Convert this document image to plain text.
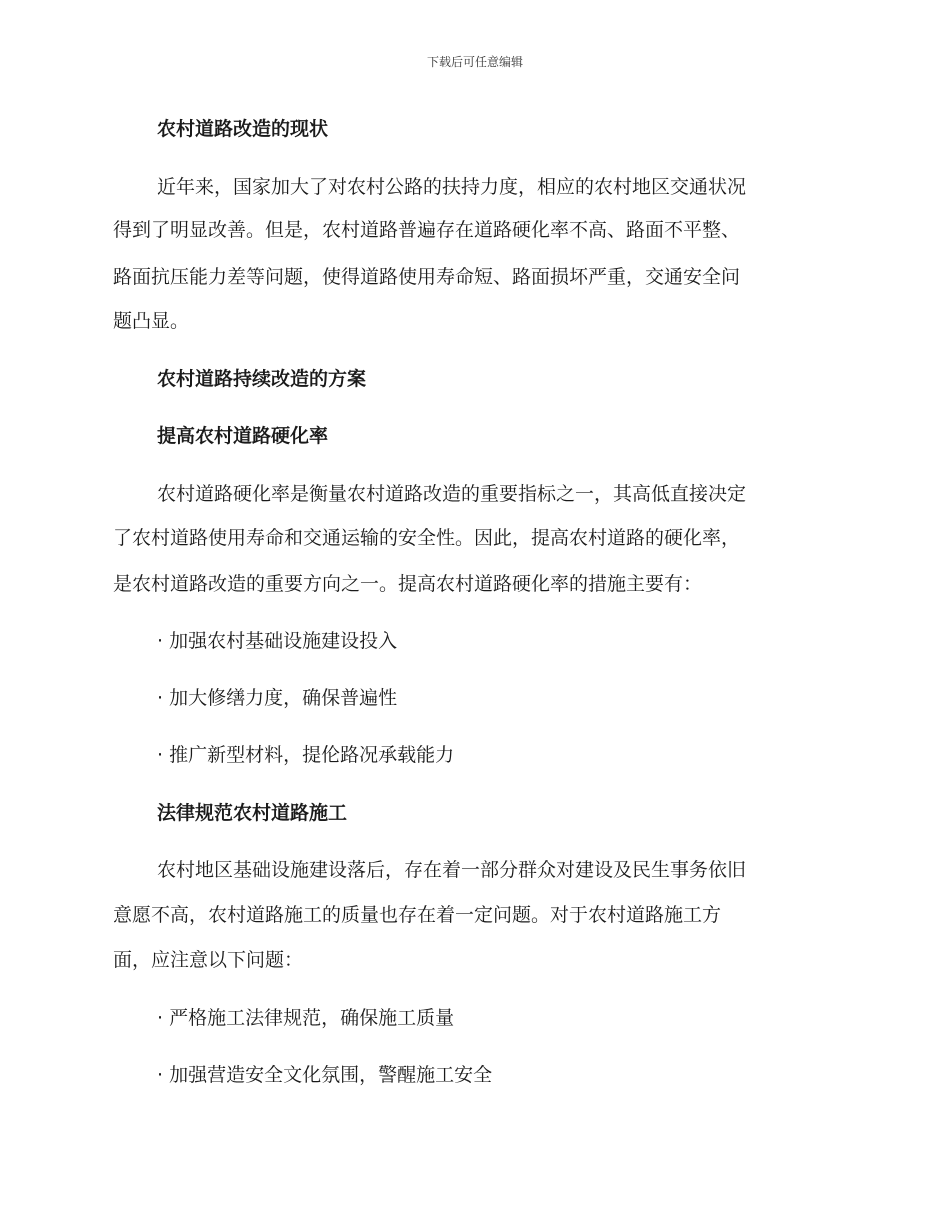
下载后可任意编辑
农村道路改造的现状
近年来，国家加大了对农村公路的扶持力度，相应的农村地区交通状况
得到了明显改善。但是，农村道路普遍存在道路硬化率不高、路面不平整、
路面抗压能力差等问题，使得道路使用寿命短、路面损坏严重，交通安全问
题凸显。
农村道路持续改造的方案
提高农村道路硬化率
农村道路硬化率是衡量农村道路改造的重要指标之一，其高低直接决定
了农村道路使用寿命和交通运输的安全性。因此，提高农村道路的硬化率，
是农村道路改造的重要方向之一。提高农村道路硬化率的措施主要有：
· 加强农村基础设施建设投入
· 加大修缮力度，确保普遍性
· 推广新型材料，提伦路况承载能力
法律规范农村道路施工
农村地区基础设施建设落后，存在着一部分群众对建设及民生事务依旧
意愿不高，农村道路施工的质量也存在着一定问题。对于农村道路施工方
面，应注意以下问题：
· 严格施工法律规范，确保施工质量
· 加强营造安全文化氛围，警醒施工安全
